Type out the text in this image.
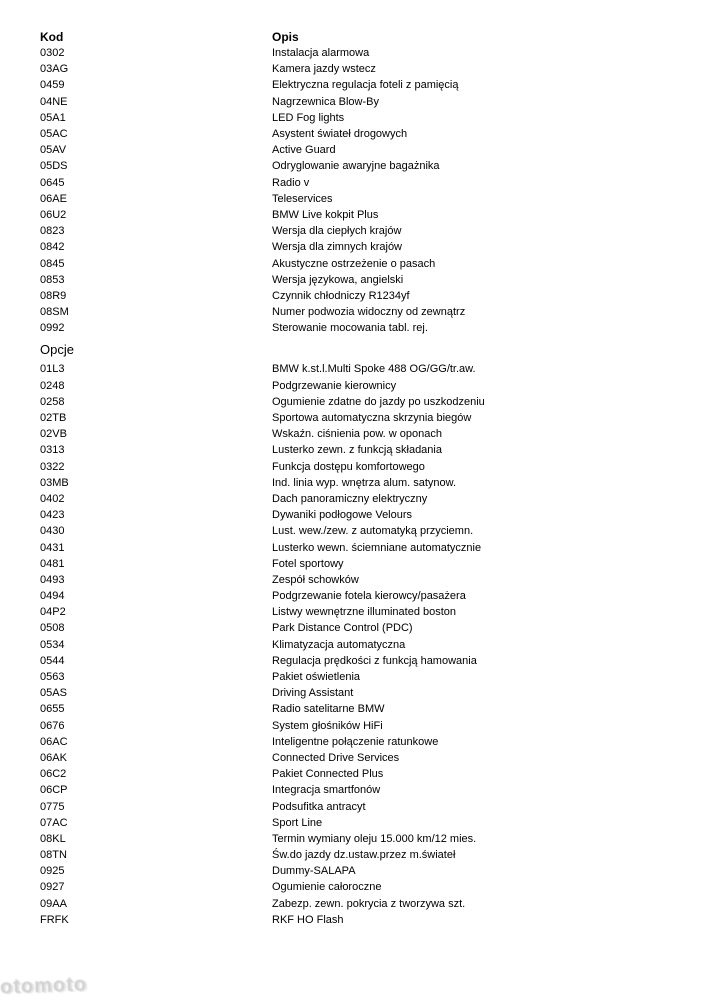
Kod	Opis
0302	Instalacja alarmowa
03AG	Kamera jazdy wstecz
0459	Elektryczna regulacja foteli z pamięcią
04NE	Nagrzewnica Blow-By
05A1	LED Fog lights
05AC	Asystent świateł drogowych
05AV	Active Guard
05DS	Odryglowanie awaryjne bagażnika
0645	Radio v
06AE	Teleservices
06U2	BMW Live kokpit Plus
0823	Wersja dla ciepłych krajów
0842	Wersja dla zimnych krajów
0845	Akustyczne ostrzeżenie o pasach
0853	Wersja językowa, angielski
08R9	Czynnik chłodniczy R1234yf
08SM	Numer podwozia widoczny od zewnątrz
0992	Sterowanie mocowania tabl. rej.
Opcje
01L3	BMW k.st.l.Multi Spoke 488 OG/GG/tr.aw.
0248	Podgrzewanie kierownicy
0258	Ogumienie zdatne do jazdy po uszkodzeniu
02TB	Sportowa automatyczna skrzynia biegów
02VB	Wskaźn. ciśnienia pow. w oponach
0313	Lusterko zewn. z funkcją składania
0322	Funkcja dostępu komfortowego
03MB	Ind. linia wyp. wnętrza alum. satynow.
0402	Dach panoramiczny elektryczny
0423	Dywaniki podłogowe Velours
0430	Lust. wew./zew. z automatyką przyciemn.
0431	Lusterko wewn. ściemniane automatycznie
0481	Fotel sportowy
0493	Zespół schowków
0494	Podgrzewanie fotela kierowcy/pasażera
04P2	Listwy wewnętrzne illuminated boston
0508	Park Distance Control (PDC)
0534	Klimatyzacja automatyczna
0544	Regulacja prędkości z funkcją hamowania
0563	Pakiet oświetlenia
05AS	Driving Assistant
0655	Radio satelitarne BMW
0676	System głośników HiFi
06AC	Inteligentne połączenie ratunkowe
06AK	Connected Drive Services
06C2	Pakiet Connected Plus
06CP	Integracja smartfonów
0775	Podsufitka antracyt
07AC	Sport Line
08KL	Termin wymiany oleju 15.000 km/12 mies.
08TN	Św.do jazdy dz.ustaw.przez m.świateł
0925	Dummy-SALAPA
0927	Ogumienie całoroczne
09AA	Zabezp. zewn. pokrycia z tworzywa szt.
FRFK	RKF HO Flash
otomoto
